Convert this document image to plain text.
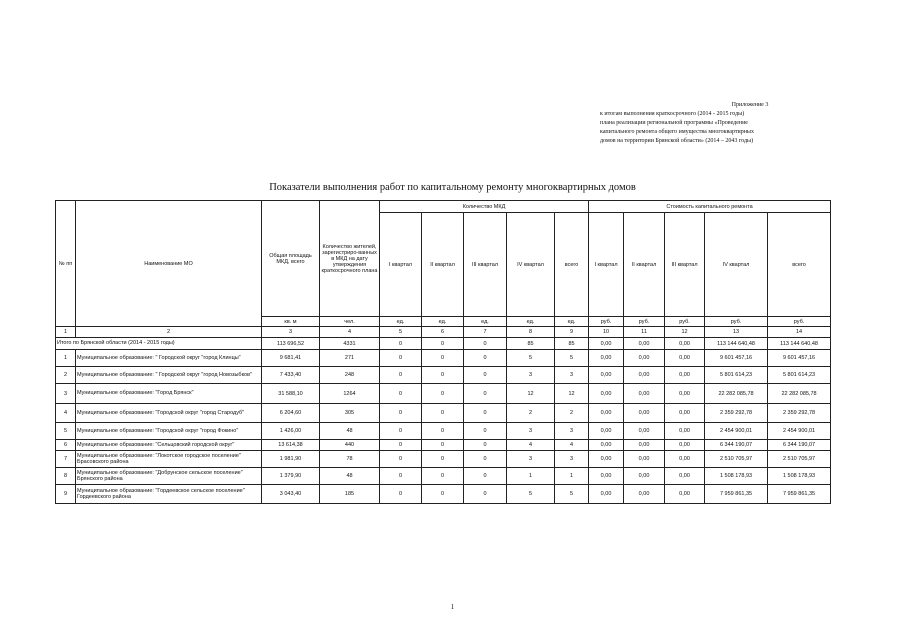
Приложение 3
к итогам выполнения краткосрочного (2014 - 2015 годы)
плана реализации региональной программы «Проведение
капитального ремонта общего имущества многоквартирных
домов на территории Брянской области» (2014 – 2043 годы)
Показатели выполнения работ по капитальному ремонту многоквартирных домов
№ пп	Наименование МО	Общая площадь МКД, всего	Количество жителей, зарегистриро-ванных в МКД на дату утверждения краткосрочного плана	Количество МКД					Стоимость капитального ремонта				
				I квартал	II квартал	III квартал	IV квартал	всего	I квартал	II квартал	III квартал	IV квартал	всего
		кв. м	чел.	ед.	ед.	ед.	ед.	ед.	руб.	руб.	руб.	руб.	руб.
1	2	3	4	5	6	7	8	9	10	11	12	13	14
Итого по Брянской области (2014 - 2015 годы)		113 696,52	4331	0	0	0	85	85	0,00	0,00	0,00	113 144 640,48	113 144 640,48
1	Муниципальное образование: " Городской округ "город Клинцы"	9 681,41	271	0	0	0	5	5	0,00	0,00	0,00	9 601 457,16	9 601 457,16
2	Муниципальное образование: " Городской округ "город Новозыбков"	7 433,40	248	0	0	0	3	3	0,00	0,00	0,00	5 801 614,23	5 801 614,23
3	Муниципальное образование: "Город Брянск"	31 588,10	1264	0	0	0	12	12	0,00	0,00	0,00	22 282 085,78	22 282 085,78
4	Муниципальное образование: "Городской округ "город Стародуб"	6 204,60	305	0	0	0	2	2	0,00	0,00	0,00	2 359 292,78	2 359 292,78
5	Муниципальное образование: "Городской округ "город Фокино"	1 426,00	48	0	0	0	3	3	0,00	0,00	0,00	2 454 900,01	2 454 900,01
6	Муниципальное образование: "Сельцовский городской округ"	13 614,38	440	0	0	0	4	4	0,00	0,00	0,00	6 344 190,07	6 344 190,07
7	Муниципальное образование: "Локотское городское поселение" Брасовского района	1 981,90	78	0	0	0	3	3	0,00	0,00	0,00	2 510 705,97	2 510 705,97
8	Муниципальное образование: "Добрунское сельское поселение" Брянского района	1 379,90	48	0	0	0	1	1	0,00	0,00	0,00	1 508 178,93	1 508 178,93
9	Муниципальное образование: "Гордеевское сельское поселение" Гордеевского района	3 043,40	185	0	0	0	5	5	0,00	0,00	0,00	7 959 861,35	7 959 861,35
1
